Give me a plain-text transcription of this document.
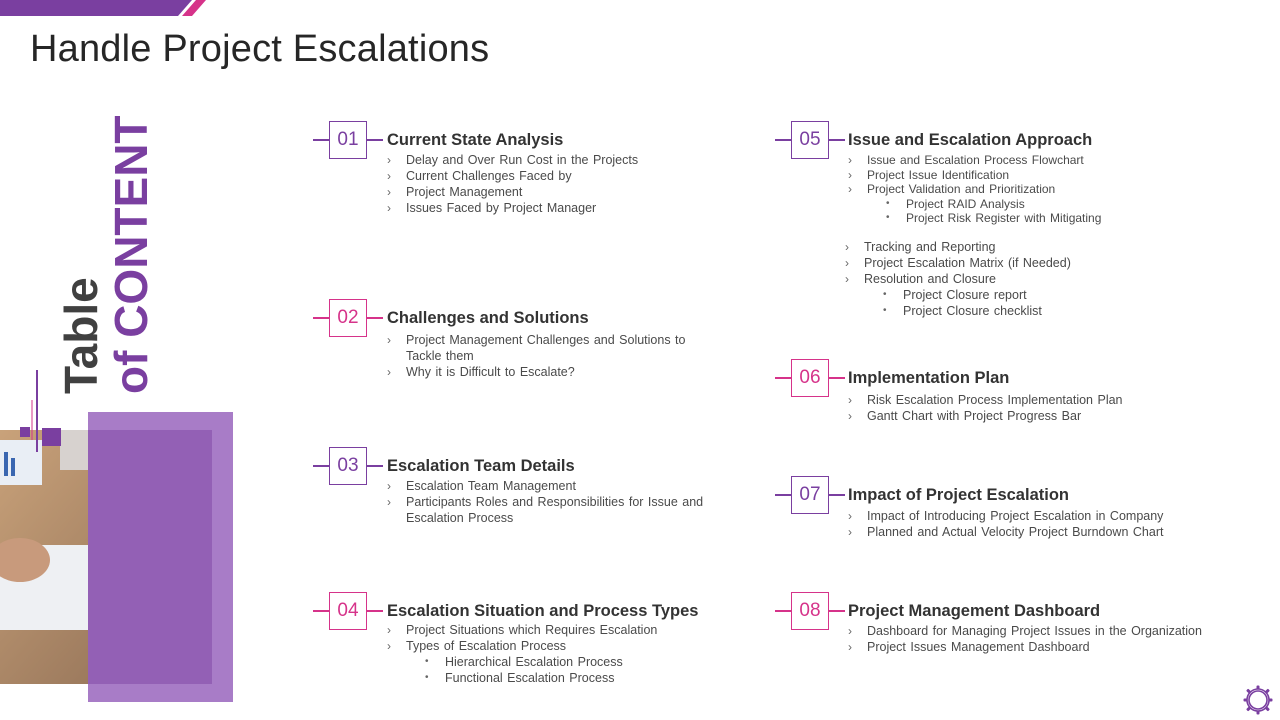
Handle Project Escalations
Table
of CONTENT	01	Current State Analysis
› Delay and Over Run Cost in the Projects
› Current Challenges Faced by
› Project Management
› Issues Faced by Project Manager
02	Challenges and Solutions
› Project Management Challenges and Solutions to Tackle them
› Why it is Difficult to Escalate?
03	Escalation Team Details
› Escalation Team Management
› Participants Roles and Responsibilities for Issue and Escalation Process
04	Escalation Situation and Process Types
› Project Situations which Requires Escalation
› Types of Escalation Process
• Hierarchical Escalation Process
• Functional Escalation Process
05	Issue and Escalation Approach
› Issue and Escalation Process Flowchart
› Project Issue Identification
› Project Validation and Prioritization
• Project RAID Analysis
• Project Risk Register with Mitigating
› Tracking and Reporting
› Project Escalation Matrix (if Needed)
› Resolution and Closure
• Project Closure report
• Project Closure checklist
06	Implementation Plan
› Risk Escalation Process Implementation Plan
› Gantt Chart with Project Progress Bar
07	Impact of Project Escalation
› Impact of Introducing Project Escalation in Company
› Planned and Actual Velocity Project Burndown Chart
08	Project Management Dashboard
› Dashboard for Managing Project Issues in the Organization
› Project Issues Management Dashboard
